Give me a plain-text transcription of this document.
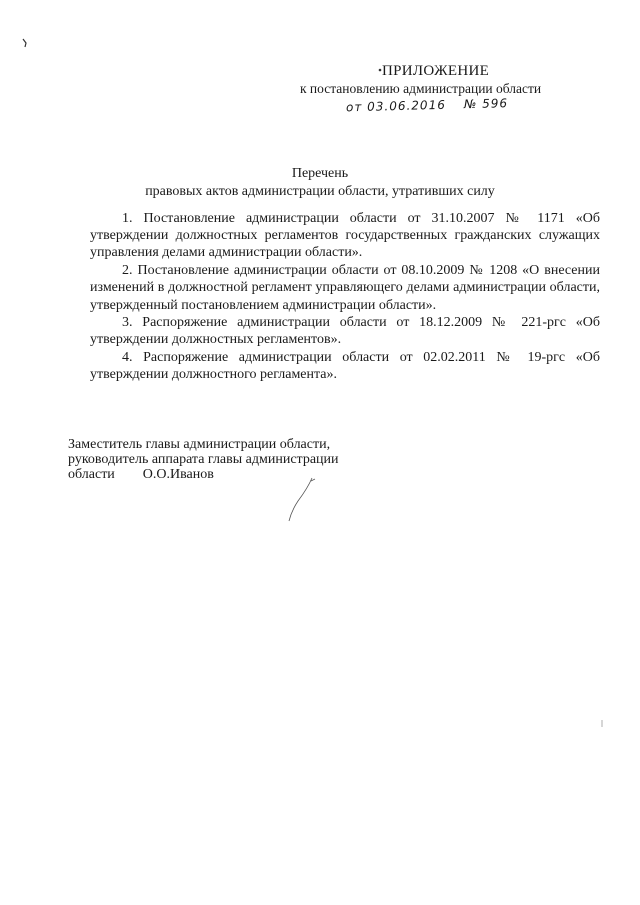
ПРИЛОЖЕНИЕ
к постановлению администрации области
от 03.06.2016 № 596
Перечень
правовых актов администрации области, утративших силу

1. Постановление администрации области от 31.10.2007 № 1171 «Об утверждении должностных регламентов государственных гражданских служащих управления делами администрации области».

2. Постановление администрации области от 08.10.2009 № 1208 «О внесении изменений в должностной регламент управляющего делами администрации области, утвержденный постановлением администрации области».

3. Распоряжение администрации области от 18.12.2009 № 221-ргс «Об утверждении должностных регламентов».

4. Распоряжение администрации области от 02.02.2011 № 19-ргс «Об утверждении должностного регламента».

Заместитель главы администрации области,
руководитель аппарата главы администрации
области        О.О.Иванов
